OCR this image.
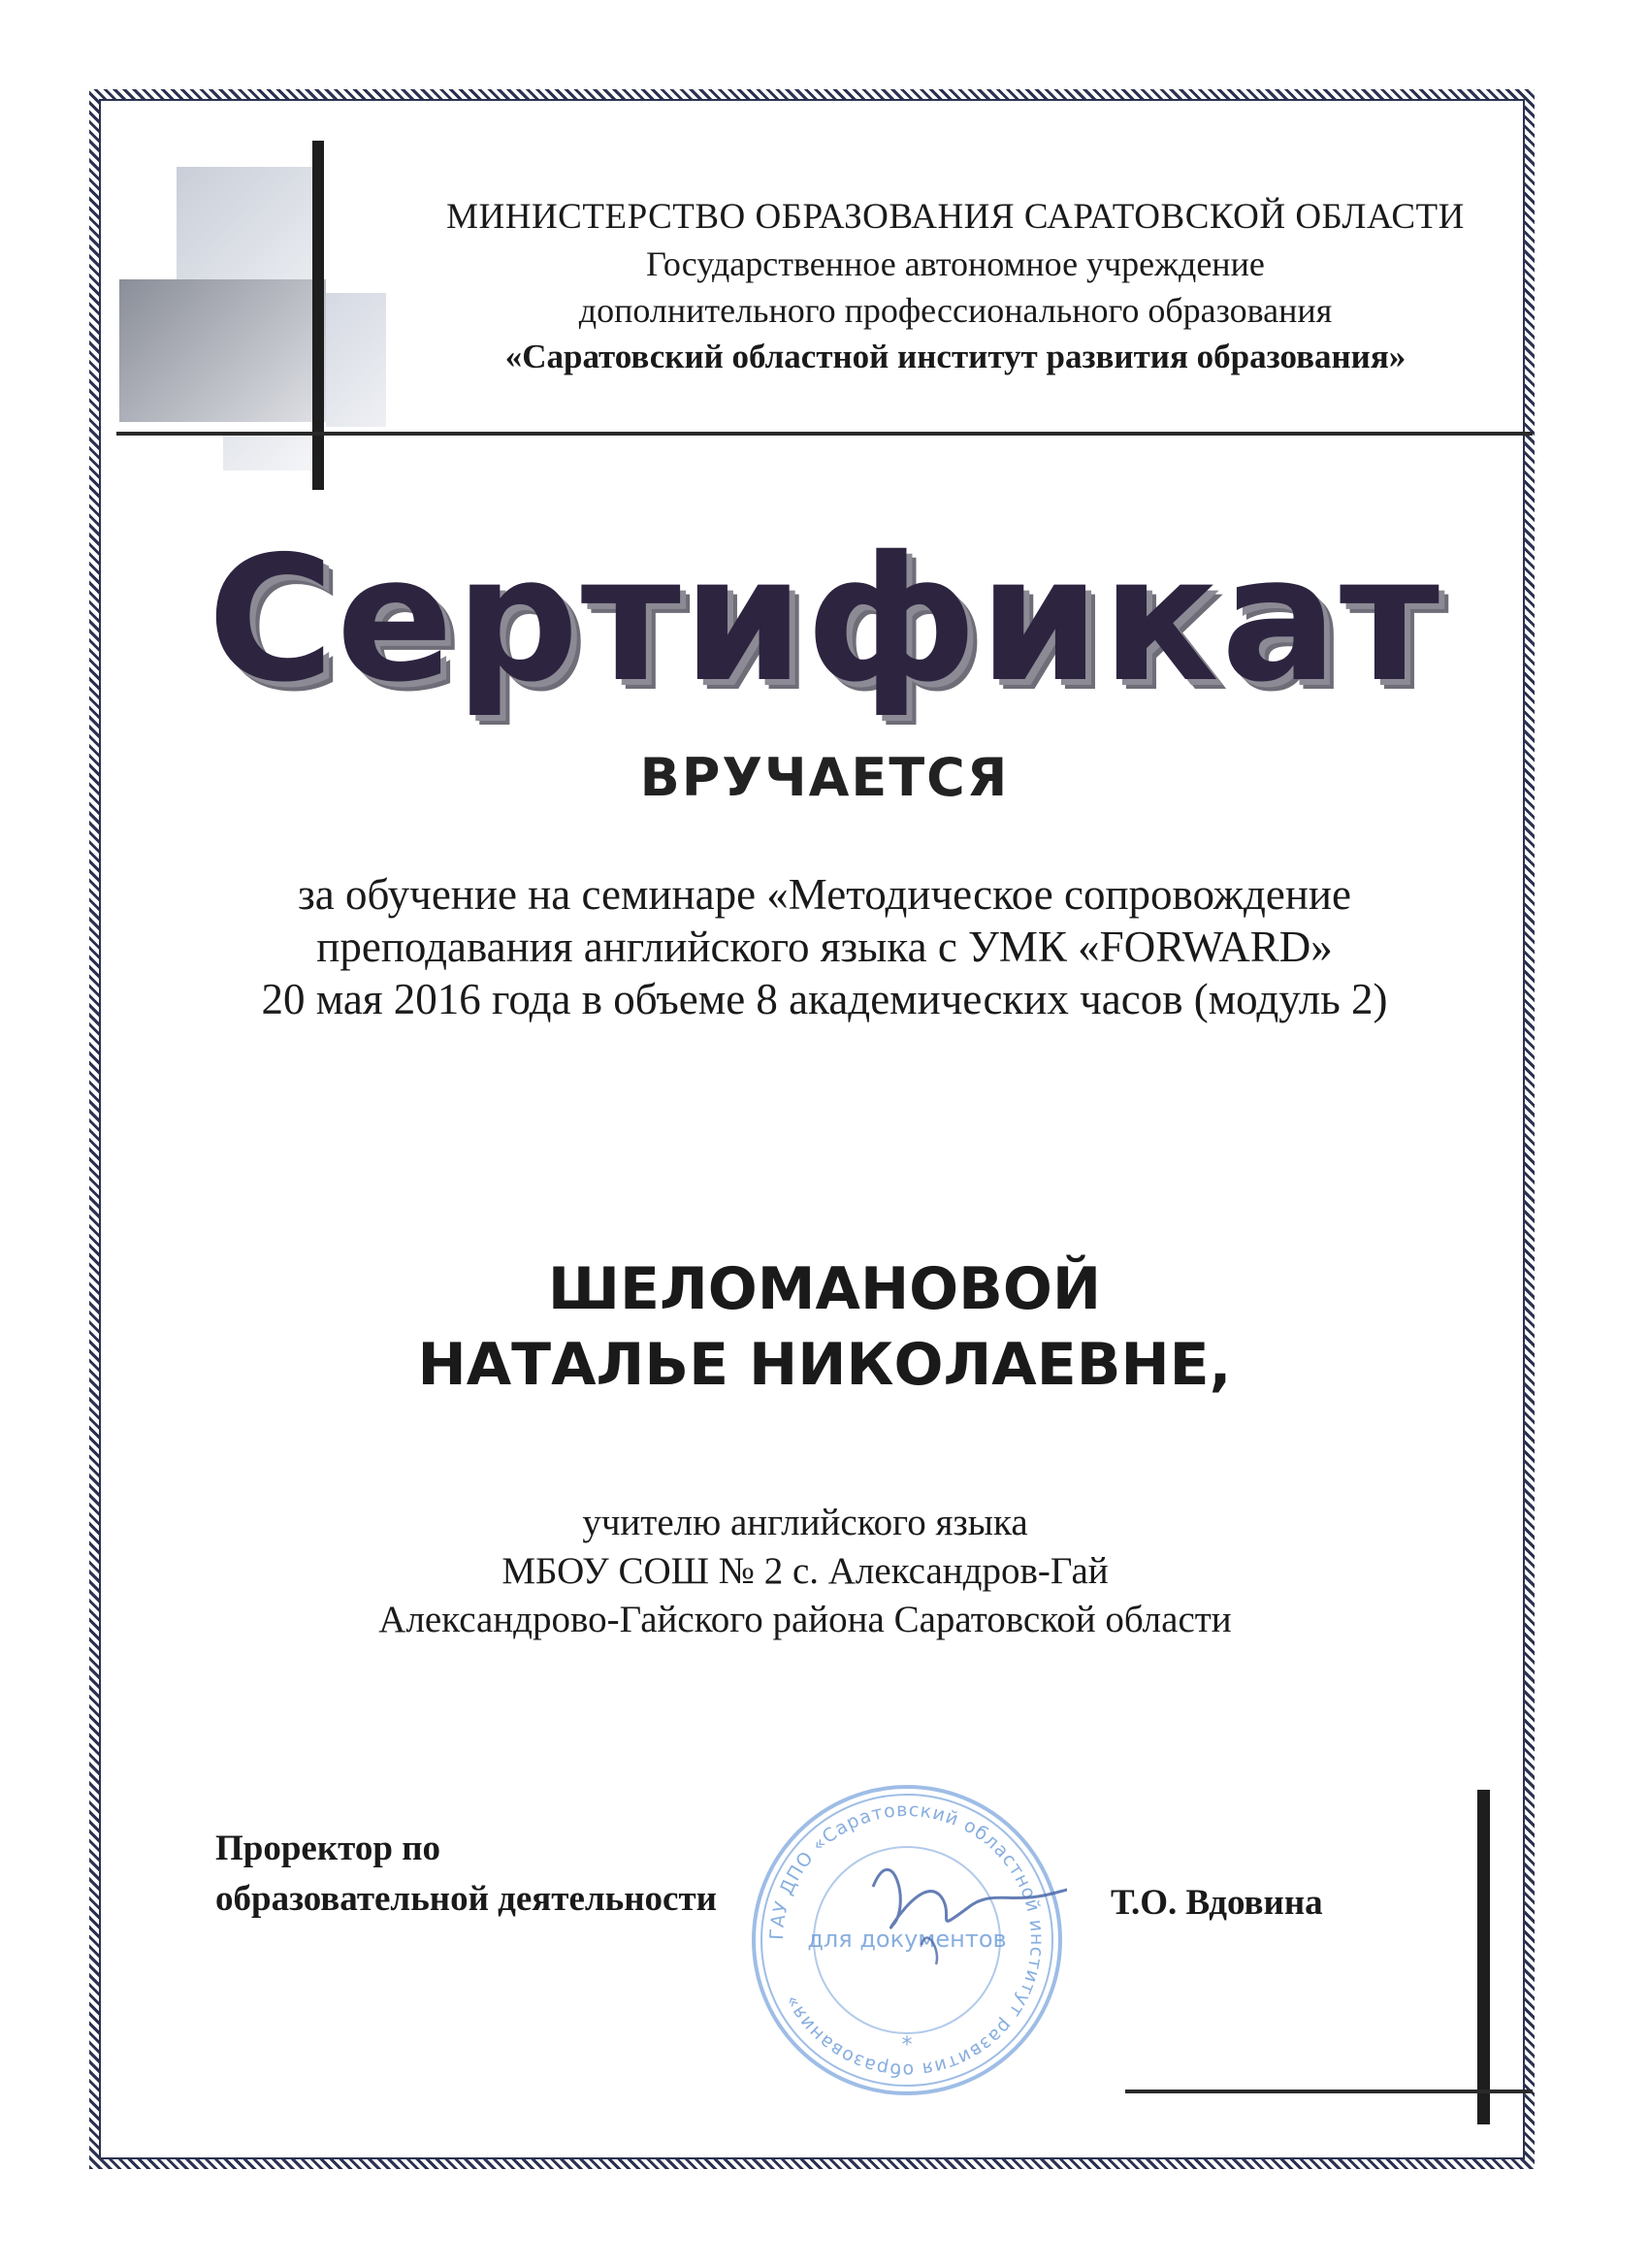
МИНИСТЕРСТВО ОБРАЗОВАНИЯ САРАТОВСКОЙ ОБЛАСТИ
Государственное автономное учреждение
дополнительного профессионального образования
«Саратовский областной институт развития образования»
Сертификат
ВРУЧАЕТСЯ
за обучение на семинаре «Методическое сопровождение
преподавания английского языка с УМК «FORWARD»
20 мая 2016 года в объеме 8 академических часов (модуль 2)
ШЕЛОМАНОВОЙ
НАТАЛЬЕ НИКОЛАЕВНЕ,
учителю английского языка
МБОУ СОШ № 2 с. Александров-Гай
Александрово-Гайского района Саратовской области
ГАУ ДПО «Саратовский областной институт развития образования»
для документов
*
Проректор по
образовательной деятельности	Т.О. Вдовина
